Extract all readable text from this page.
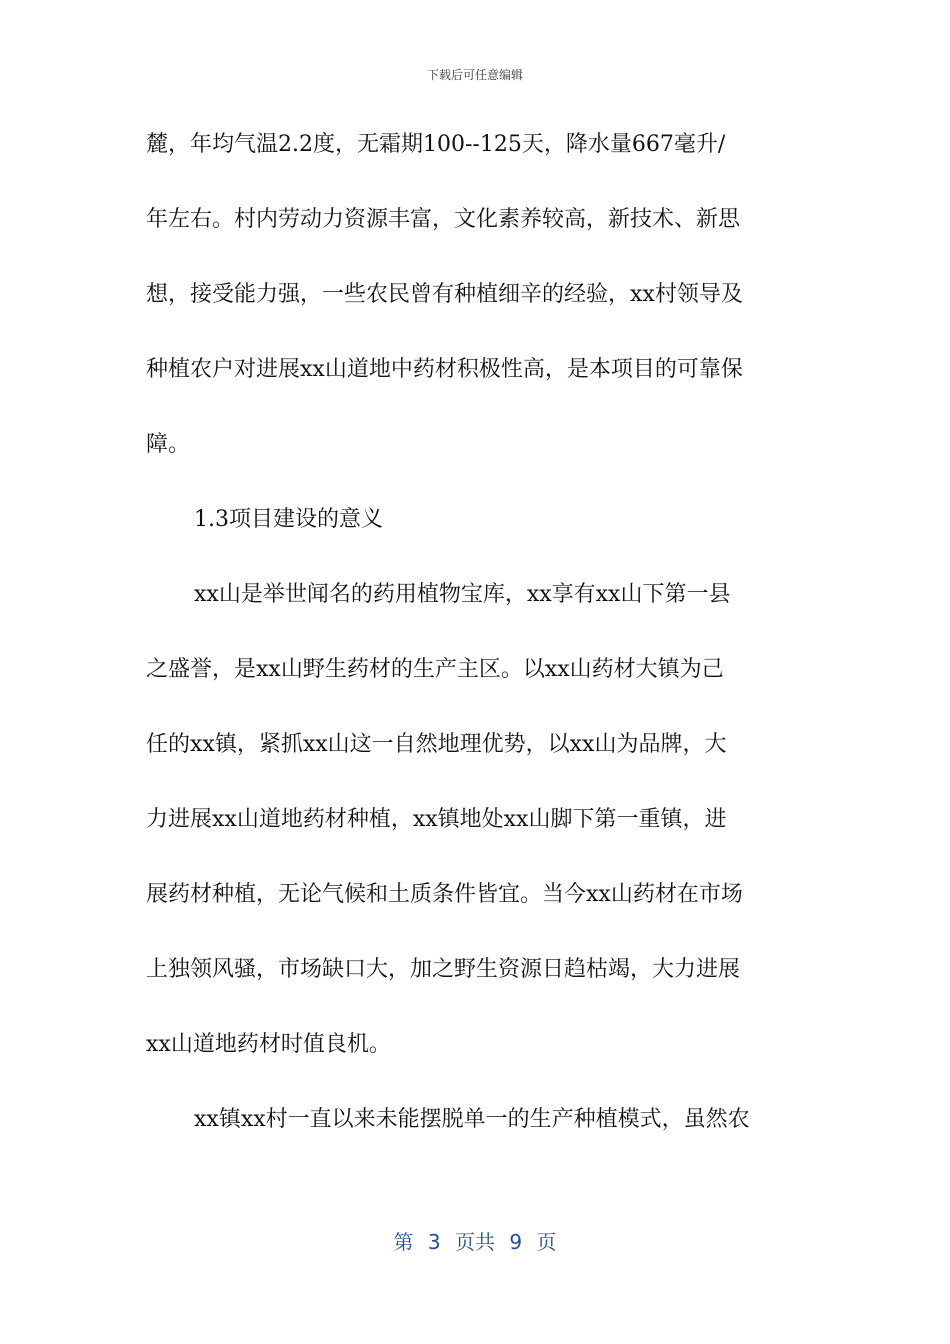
下载后可任意编辑
麓，年均气温2.2度，无霜期100--125天，降水量667毫升/
年左右。村内劳动力资源丰富，文化素养较高，新技术、新思
想，接受能力强，一些农民曾有种植细辛的经验，xx村领导及
种植农户对进展xx山道地中药材积极性高，是本项目的可靠保
障。
1.3项目建设的意义
xx山是举世闻名的药用植物宝库，xx享有xx山下第一县
之盛誉，是xx山野生药材的生产主区。以xx山药材大镇为己
任的xx镇，紧抓xx山这一自然地理优势，以xx山为品牌，大
力进展xx山道地药材种植，xx镇地处xx山脚下第一重镇，进
展药材种植，无论气候和土质条件皆宜。当今xx山药材在市场
上独领风骚，市场缺口大，加之野生资源日趋枯竭，大力进展
xx山道地药材时值良机。
xx镇xx村一直以来未能摆脱单一的生产种植模式，虽然农
第 3 页共 9 页
